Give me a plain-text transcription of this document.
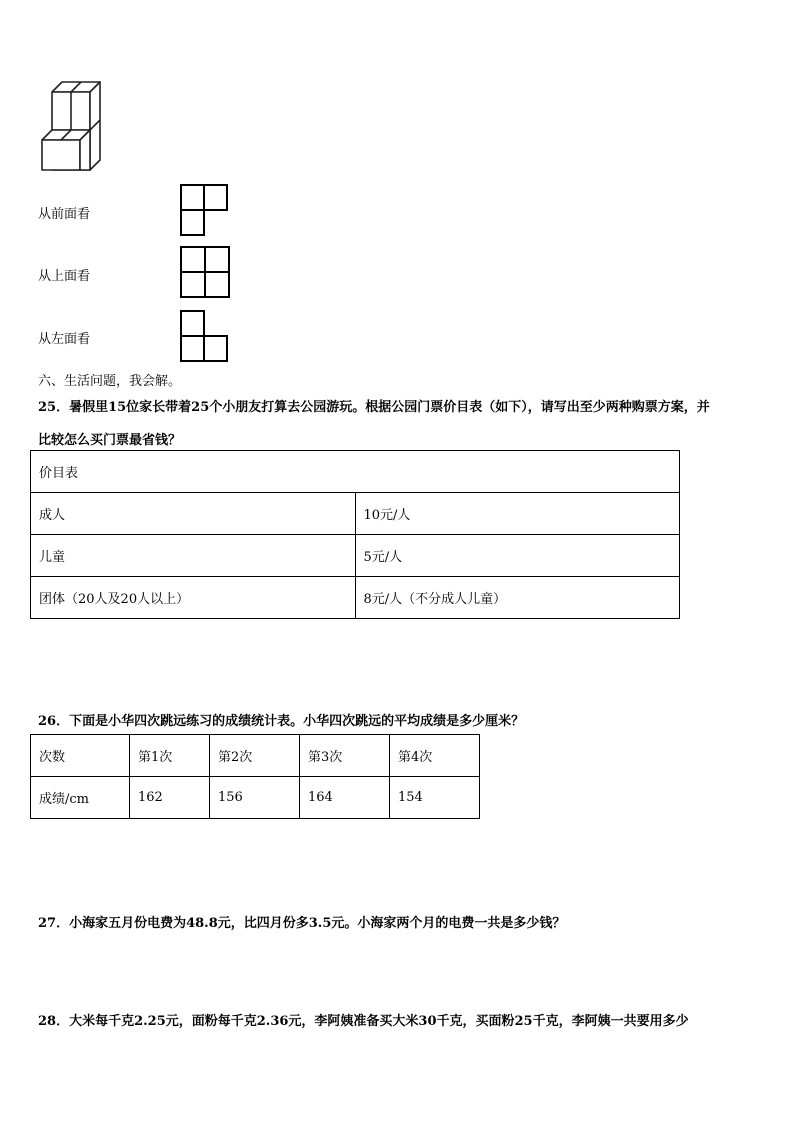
从前面看
从上面看
从左面看
六、生活问题，我会解。
25．暑假里15位家长带着25个小朋友打算去公园游玩。根据公园门票价目表（如下），请写出至少两种购票方案，并
比较怎么买门票最省钱？
价目表	
成人	10元/人
儿童	5元/人
团体（20人及20人以上）	8元/人（不分成人儿童）
26．下面是小华四次跳远练习的成绩统计表。小华四次跳远的平均成绩是多少厘米？
次数	第1次	第2次	第3次	第4次
成绩/cm	162	156	164	154
27．小海家五月份电费为48.8元，比四月份多3.5元。小海家两个月的电费一共是多少钱？
28．大米每千克2.25元，面粉每千克2.36元，李阿姨准备买大米30千克，买面粉25千克，李阿姨一共要用多少
